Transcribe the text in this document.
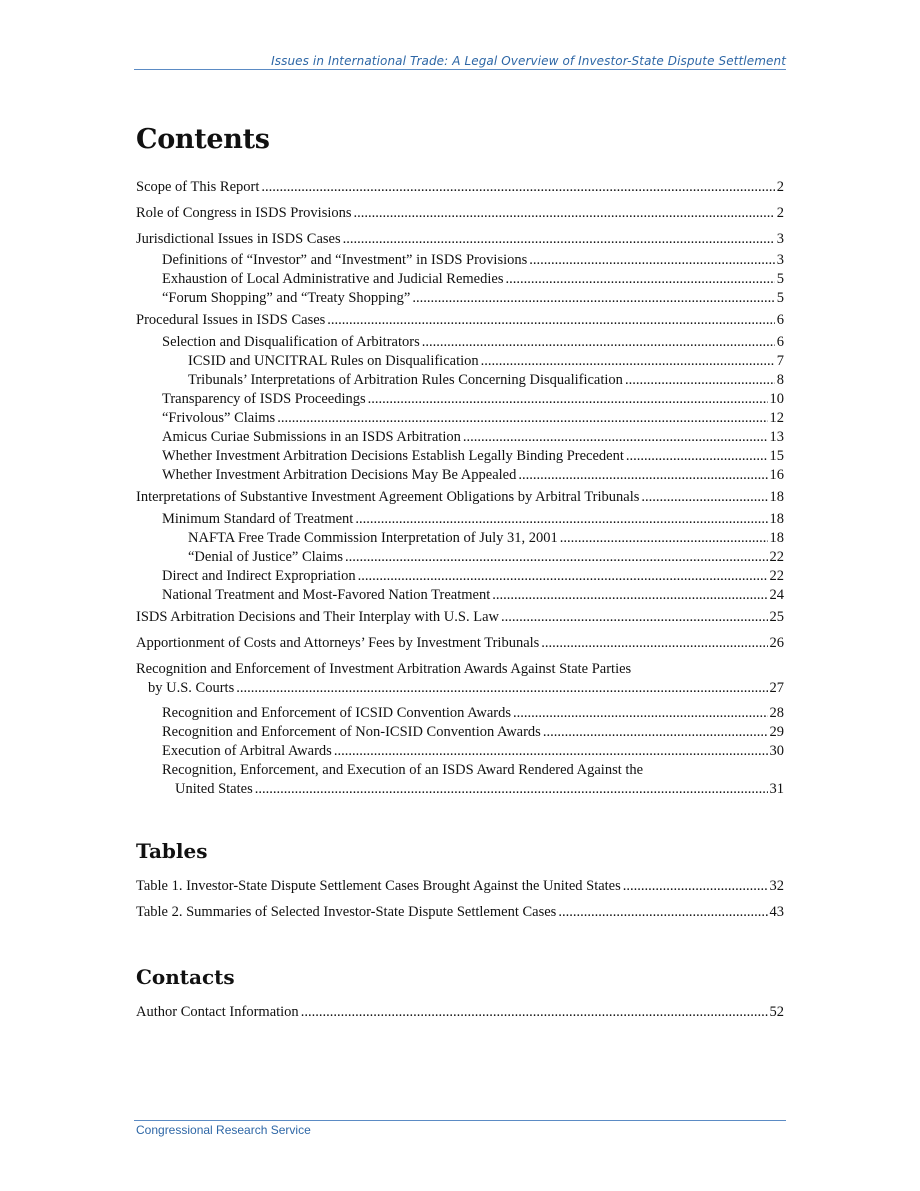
Issues in International Trade: A Legal Overview of Investor-State Dispute Settlement
Contents
Scope of This Report .....	2
Role of Congress in ISDS Provisions .....	2
Jurisdictional Issues in ISDS Cases .....	3
Definitions of “Investor” and “Investment” in ISDS Provisions .....	3
Exhaustion of Local Administrative and Judicial Remedies .....	5
“Forum Shopping” and “Treaty Shopping” .....	5
Procedural Issues in ISDS Cases .....	6
Selection and Disqualification of Arbitrators .....	6
ICSID and UNCITRAL Rules on Disqualification .....	7
Tribunals’ Interpretations of Arbitration Rules Concerning Disqualification .....	8
Transparency of ISDS Proceedings .....	10
“Frivolous” Claims .....	12
Amicus Curiae Submissions in an ISDS Arbitration .....	13
Whether Investment Arbitration Decisions Establish Legally Binding Precedent .....	15
Whether Investment Arbitration Decisions May Be Appealed .....	16
Interpretations of Substantive Investment Agreement Obligations by Arbitral Tribunals .....	18
Minimum Standard of Treatment .....	18
NAFTA Free Trade Commission Interpretation of July 31, 2001 .....	18
“Denial of Justice” Claims .....	22
Direct and Indirect Expropriation .....	22
National Treatment and Most-Favored Nation Treatment .....	24
ISDS Arbitration Decisions and Their Interplay with U.S. Law .....	25
Apportionment of Costs and Attorneys’ Fees by Investment Tribunals .....	26
Recognition and Enforcement of Investment Arbitration Awards Against State Parties
by U.S. Courts .....	27
Recognition and Enforcement of ICSID Convention Awards .....	28
Recognition and Enforcement of Non-ICSID Convention Awards .....	29
Execution of Arbitral Awards .....	30
Recognition, Enforcement, and Execution of an ISDS Award Rendered Against the
United States .....	31
Tables
Table 1. Investor-State Dispute Settlement Cases Brought Against the United States .....	32
Table 2. Summaries of Selected Investor-State Dispute Settlement Cases .....	43
Contacts
Author Contact Information .....	52
Congressional Research Service
